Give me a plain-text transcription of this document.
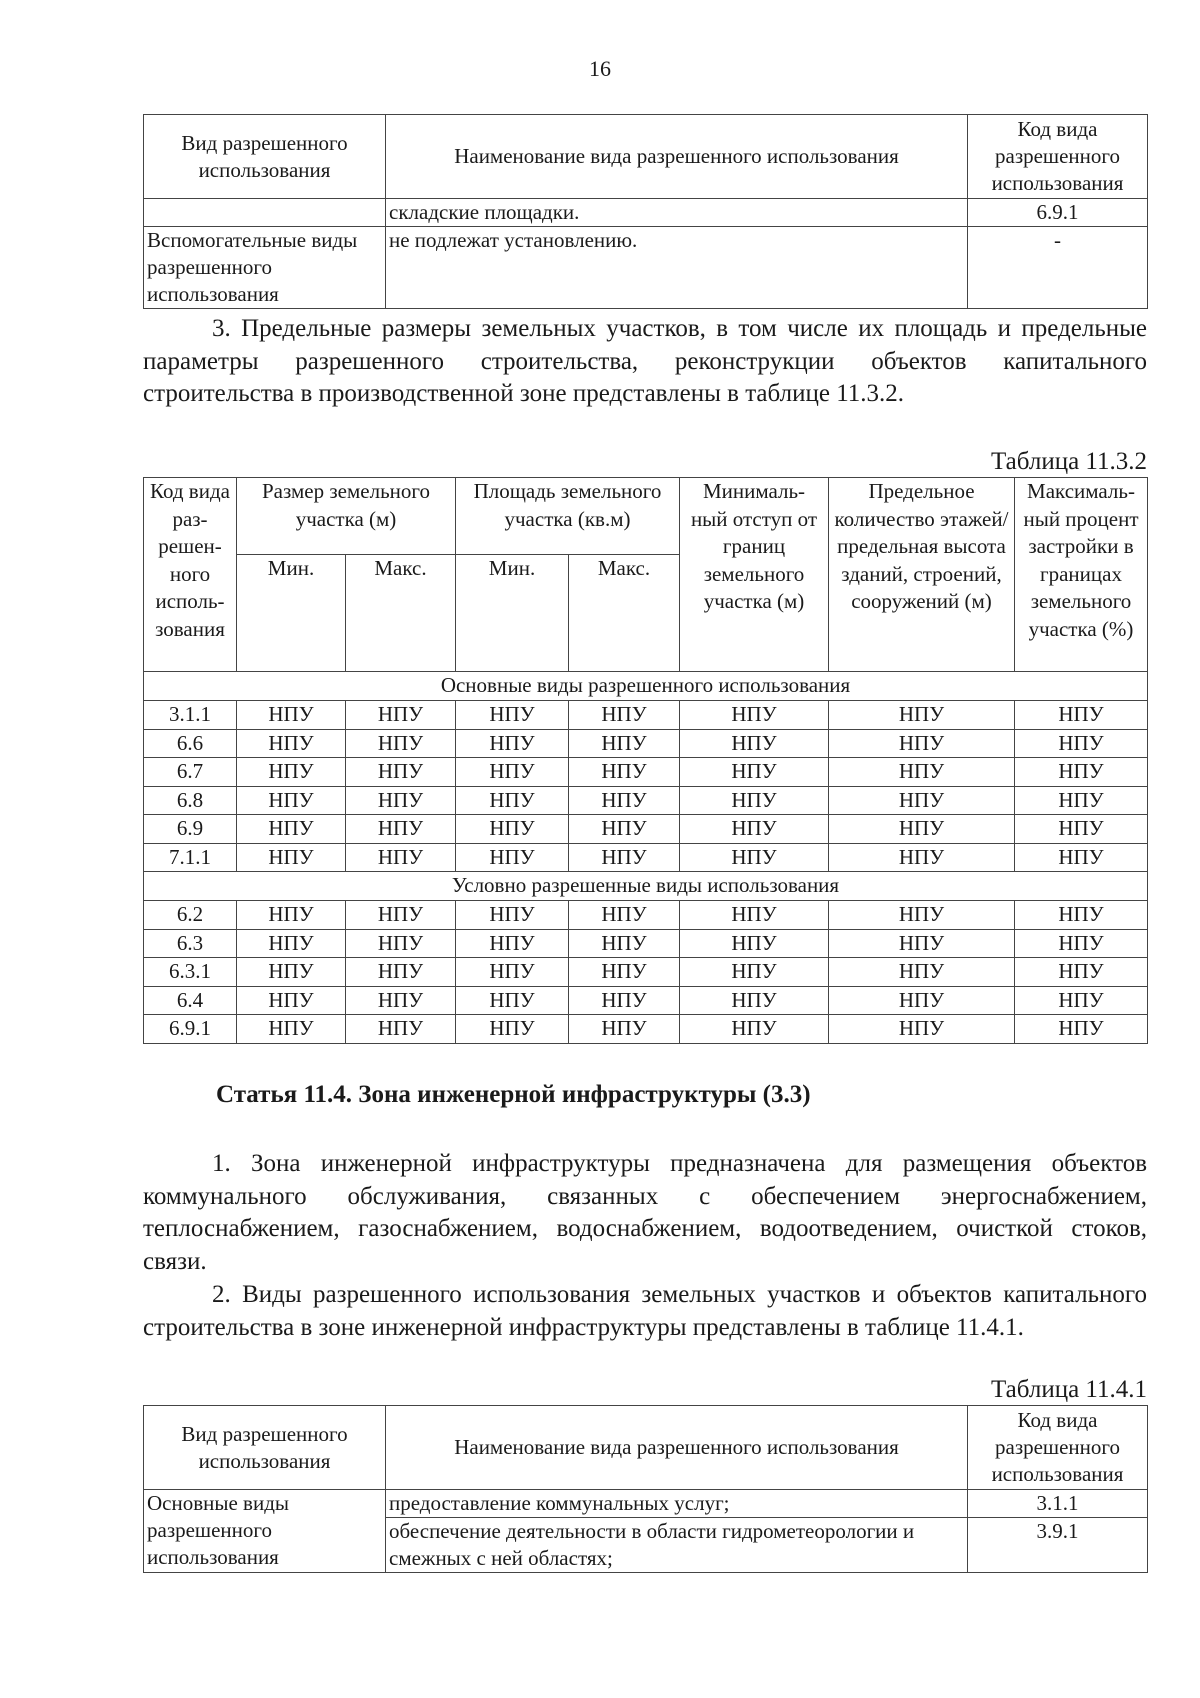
16
Вид разрешенного использования	Наименование вида разрешенного использования	Код вида разрешенного использования
	складские площадки.	6.9.1
Вспомогательные виды разрешенного использования	не подлежат установлению.	-
3. Предельные размеры земельных участков, в том числе их площадь и предельные параметры разрешенного строительства, реконструкции объектов капитального строительства в производственной зоне представлены в таблице 11.3.2.
Таблица 11.3.2
Код вида раз- решен- ного исполь- зования	Размер земельного участка (м)		Площадь земельного участка (кв.м)		Минималь- ный отступ от границ земельного участка (м)	Предельное количество этажей/ предельная высота зданий, строений, сооружений (м)	Максималь- ный процент застройки в границах земельного участка (%)
	Мин.	Макс.	Мин.	Макс.			
Основные виды разрешенного использования							
3.1.1	НПУ	НПУ	НПУ	НПУ	НПУ	НПУ	НПУ
6.6	НПУ	НПУ	НПУ	НПУ	НПУ	НПУ	НПУ
6.7	НПУ	НПУ	НПУ	НПУ	НПУ	НПУ	НПУ
6.8	НПУ	НПУ	НПУ	НПУ	НПУ	НПУ	НПУ
6.9	НПУ	НПУ	НПУ	НПУ	НПУ	НПУ	НПУ
7.1.1	НПУ	НПУ	НПУ	НПУ	НПУ	НПУ	НПУ
Условно разрешенные виды использования							
6.2	НПУ	НПУ	НПУ	НПУ	НПУ	НПУ	НПУ
6.3	НПУ	НПУ	НПУ	НПУ	НПУ	НПУ	НПУ
6.3.1	НПУ	НПУ	НПУ	НПУ	НПУ	НПУ	НПУ
6.4	НПУ	НПУ	НПУ	НПУ	НПУ	НПУ	НПУ
6.9.1	НПУ	НПУ	НПУ	НПУ	НПУ	НПУ	НПУ
Статья 11.4. Зона инженерной инфраструктуры (3.3)
1. Зона инженерной инфраструктуры предназначена для размещения объектов коммунального обслуживания, связанных с обеспечением энергоснабжением, теплоснабжением, газоснабжением, водоснабжением, водоотведением, очисткой стоков, связи.
2. Виды разрешенного использования земельных участков и объектов капитального строительства в зоне инженерной инфраструктуры представлены в таблице 11.4.1.
Таблица 11.4.1
Вид разрешенного использования	Наименование вида разрешенного использования	Код вида разрешенного использования
Основные виды разрешенного использования	предоставление коммунальных услуг;	3.1.1
	обеспечение деятельности в области гидрометеорологии и смежных с ней областях;	3.9.1
